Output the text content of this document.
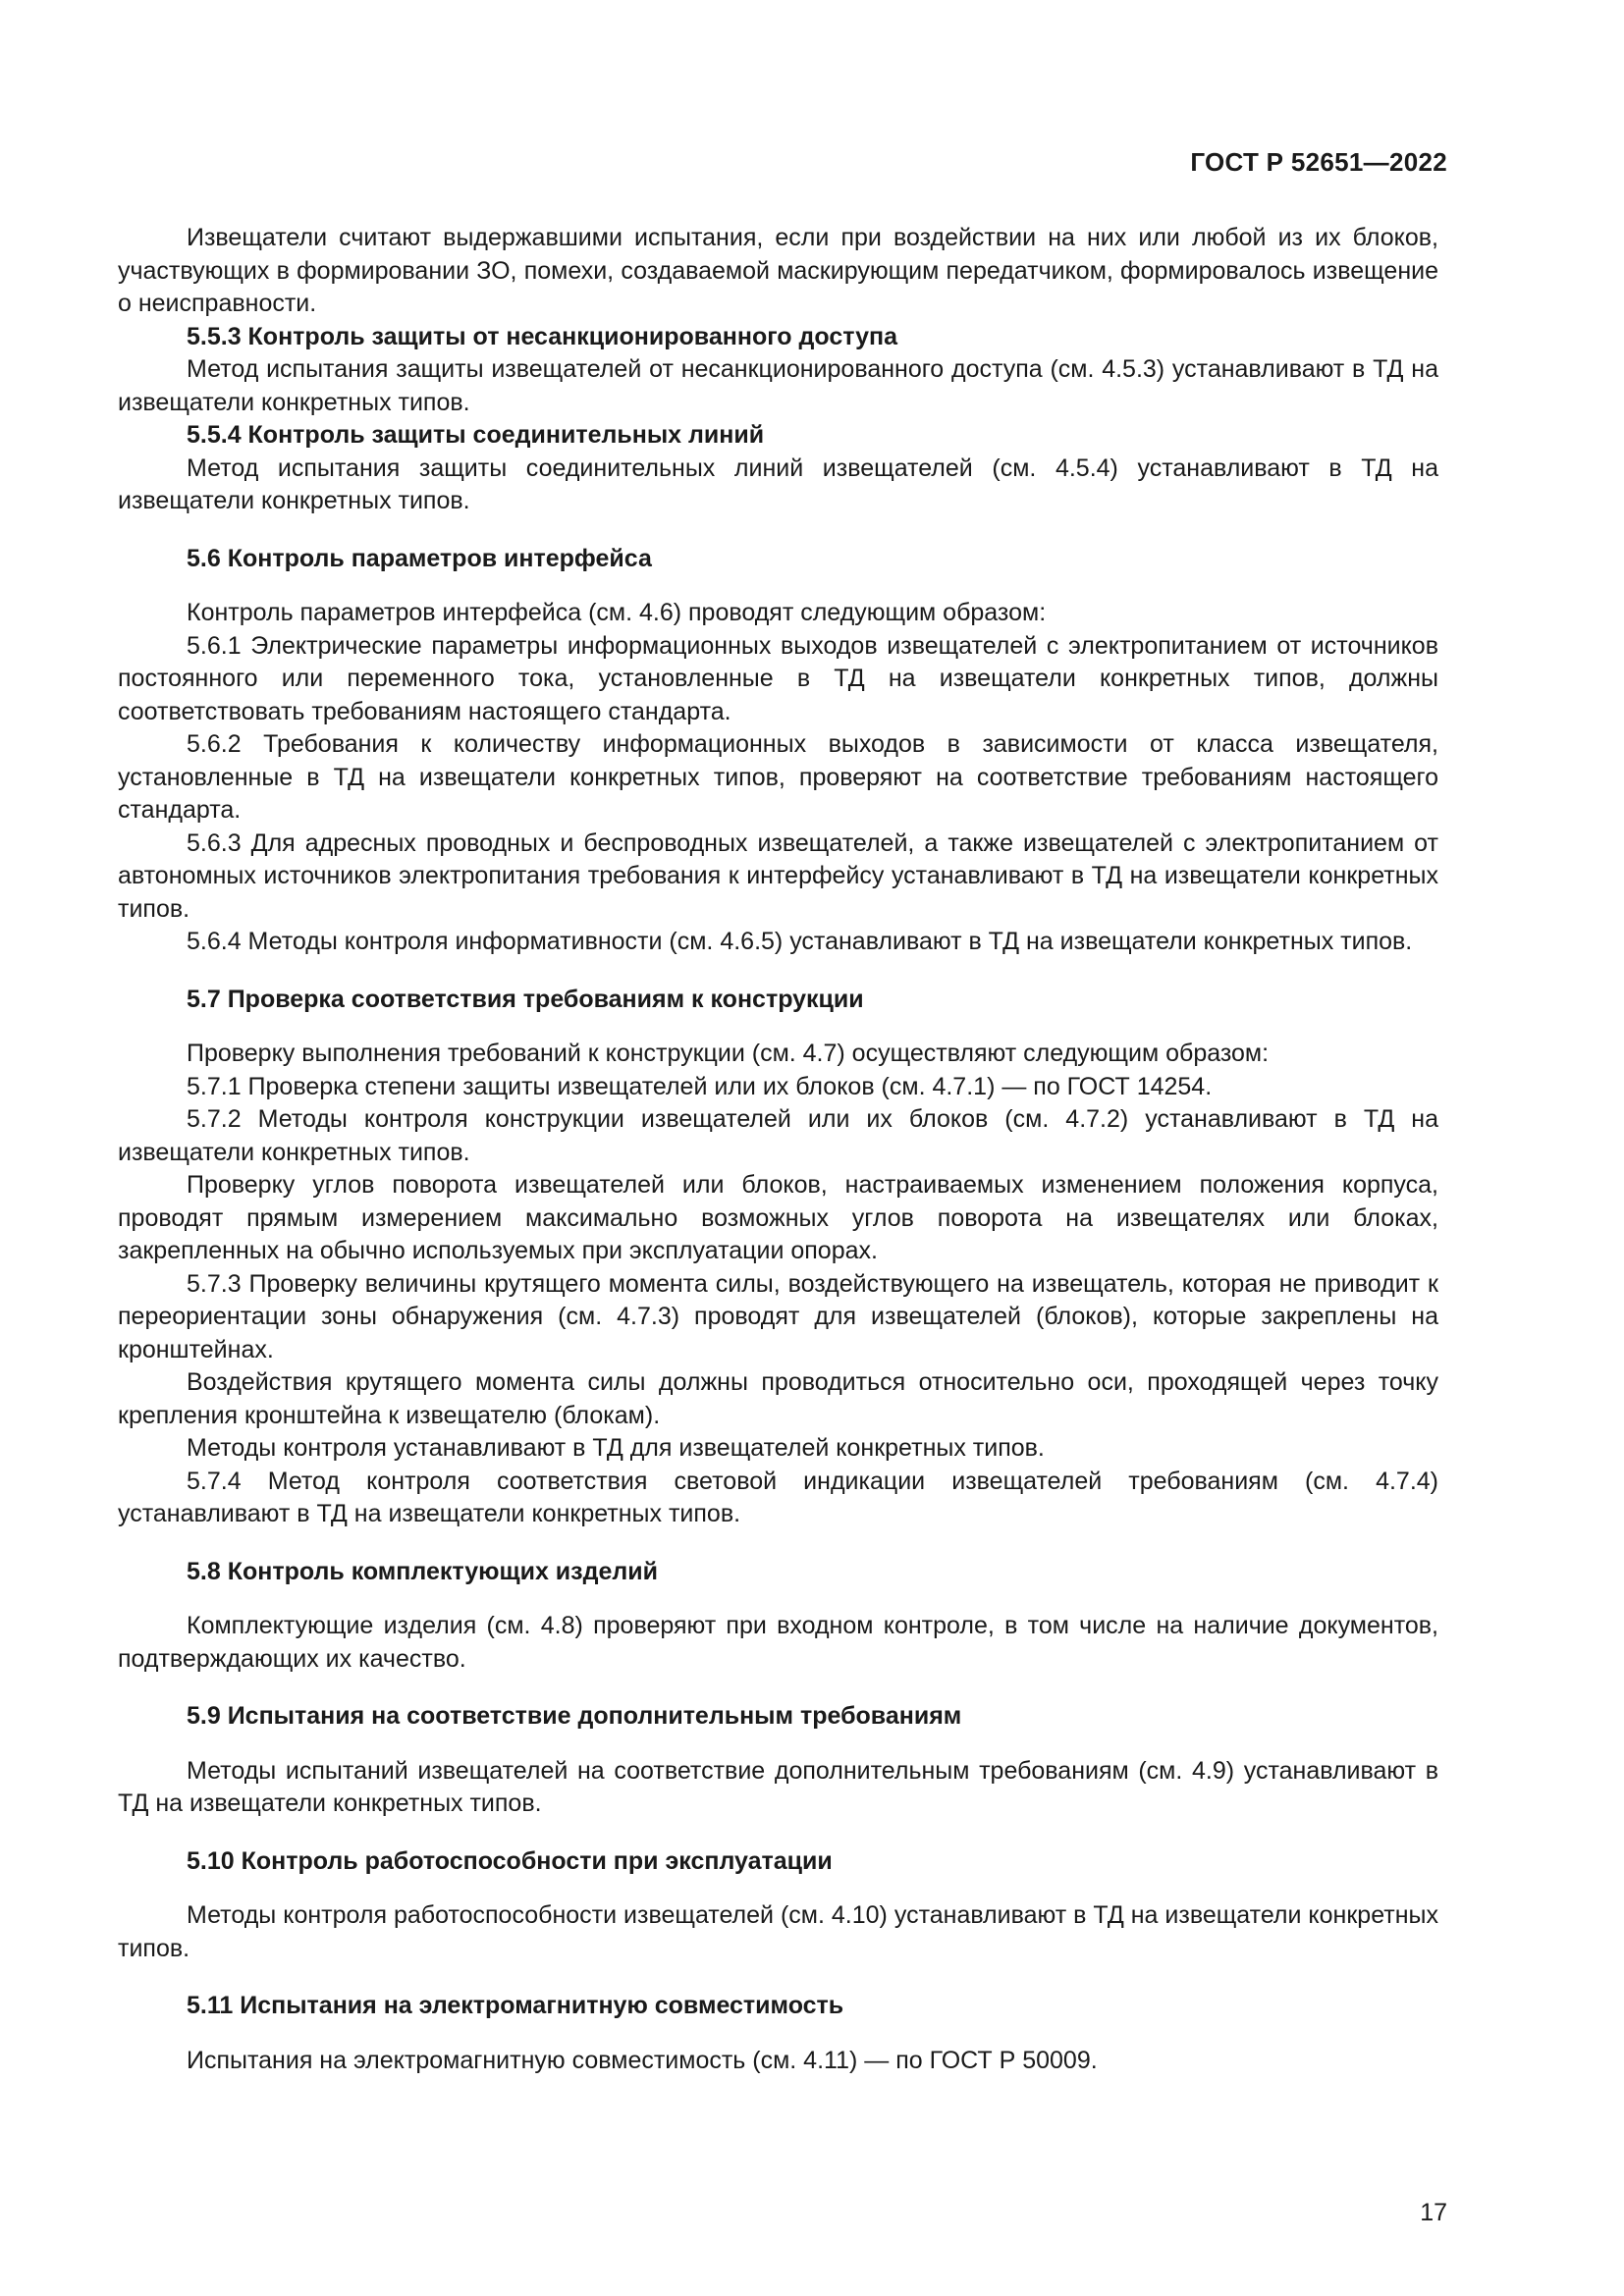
ГОСТ Р 52651—2022

Извещатели считают выдержавшими испытания, если при воздействии на них или любой из их блоков, участвующих в формировании ЗО, помехи, создаваемой маскирующим передатчиком, формировалось извещение о неисправности.

5.5.3 Контроль защиты от несанкционированного доступа

Метод испытания защиты извещателей от несанкционированного доступа (см. 4.5.3) устанавливают в ТД на извещатели конкретных типов.

5.5.4 Контроль защиты соединительных линий

Метод испытания защиты соединительных линий извещателей (см. 4.5.4) устанавливают в ТД на извещатели конкретных типов.

5.6 Контроль параметров интерфейса

Контроль параметров интерфейса (см. 4.6) проводят следующим образом:

5.6.1 Электрические параметры информационных выходов извещателей с электропитанием от источников постоянного или переменного тока, установленные в ТД на извещатели конкретных типов, должны соответствовать требованиям настоящего стандарта.

5.6.2 Требования к количеству информационных выходов в зависимости от класса извещателя, установленные в ТД на извещатели конкретных типов, проверяют на соответствие требованиям настоящего стандарта.

5.6.3 Для адресных проводных и беспроводных извещателей, а также извещателей с электропитанием от автономных источников электропитания требования к интерфейсу устанавливают в ТД на извещатели конкретных типов.

5.6.4 Методы контроля информативности (см. 4.6.5) устанавливают в ТД на извещатели конкретных типов.

5.7 Проверка соответствия требованиям к конструкции

Проверку выполнения требований к конструкции (см. 4.7) осуществляют следующим образом:

5.7.1 Проверка степени защиты извещателей или их блоков (см. 4.7.1) — по ГОСТ 14254.

5.7.2 Методы контроля конструкции извещателей или их блоков (см. 4.7.2) устанавливают в ТД на извещатели конкретных типов.

Проверку углов поворота извещателей или блоков, настраиваемых изменением положения корпуса, проводят прямым измерением максимально возможных углов поворота на извещателях или блоках, закрепленных на обычно используемых при эксплуатации опорах.

5.7.3 Проверку величины крутящего момента силы, воздействующего на извещатель, которая не приводит к переориентации зоны обнаружения (см. 4.7.3) проводят для извещателей (блоков), которые закреплены на кронштейнах.

Воздействия крутящего момента силы должны проводиться относительно оси, проходящей через точку крепления кронштейна к извещателю (блокам).

Методы контроля устанавливают в ТД для извещателей конкретных типов.

5.7.4 Метод контроля соответствия световой индикации извещателей требованиям (см. 4.7.4) устанавливают в ТД на извещатели конкретных типов.

5.8 Контроль комплектующих изделий

Комплектующие изделия (см. 4.8) проверяют при входном контроле, в том числе на наличие документов, подтверждающих их качество.

5.9 Испытания на соответствие дополнительным требованиям

Методы испытаний извещателей на соответствие дополнительным требованиям (см. 4.9) устанавливают в ТД на извещатели конкретных типов.

5.10 Контроль работоспособности при эксплуатации

Методы контроля работоспособности извещателей (см. 4.10) устанавливают в ТД на извещатели конкретных типов.

5.11 Испытания на электромагнитную совместимость

Испытания на электромагнитную совместимость (см. 4.11) — по ГОСТ Р 50009.

17
